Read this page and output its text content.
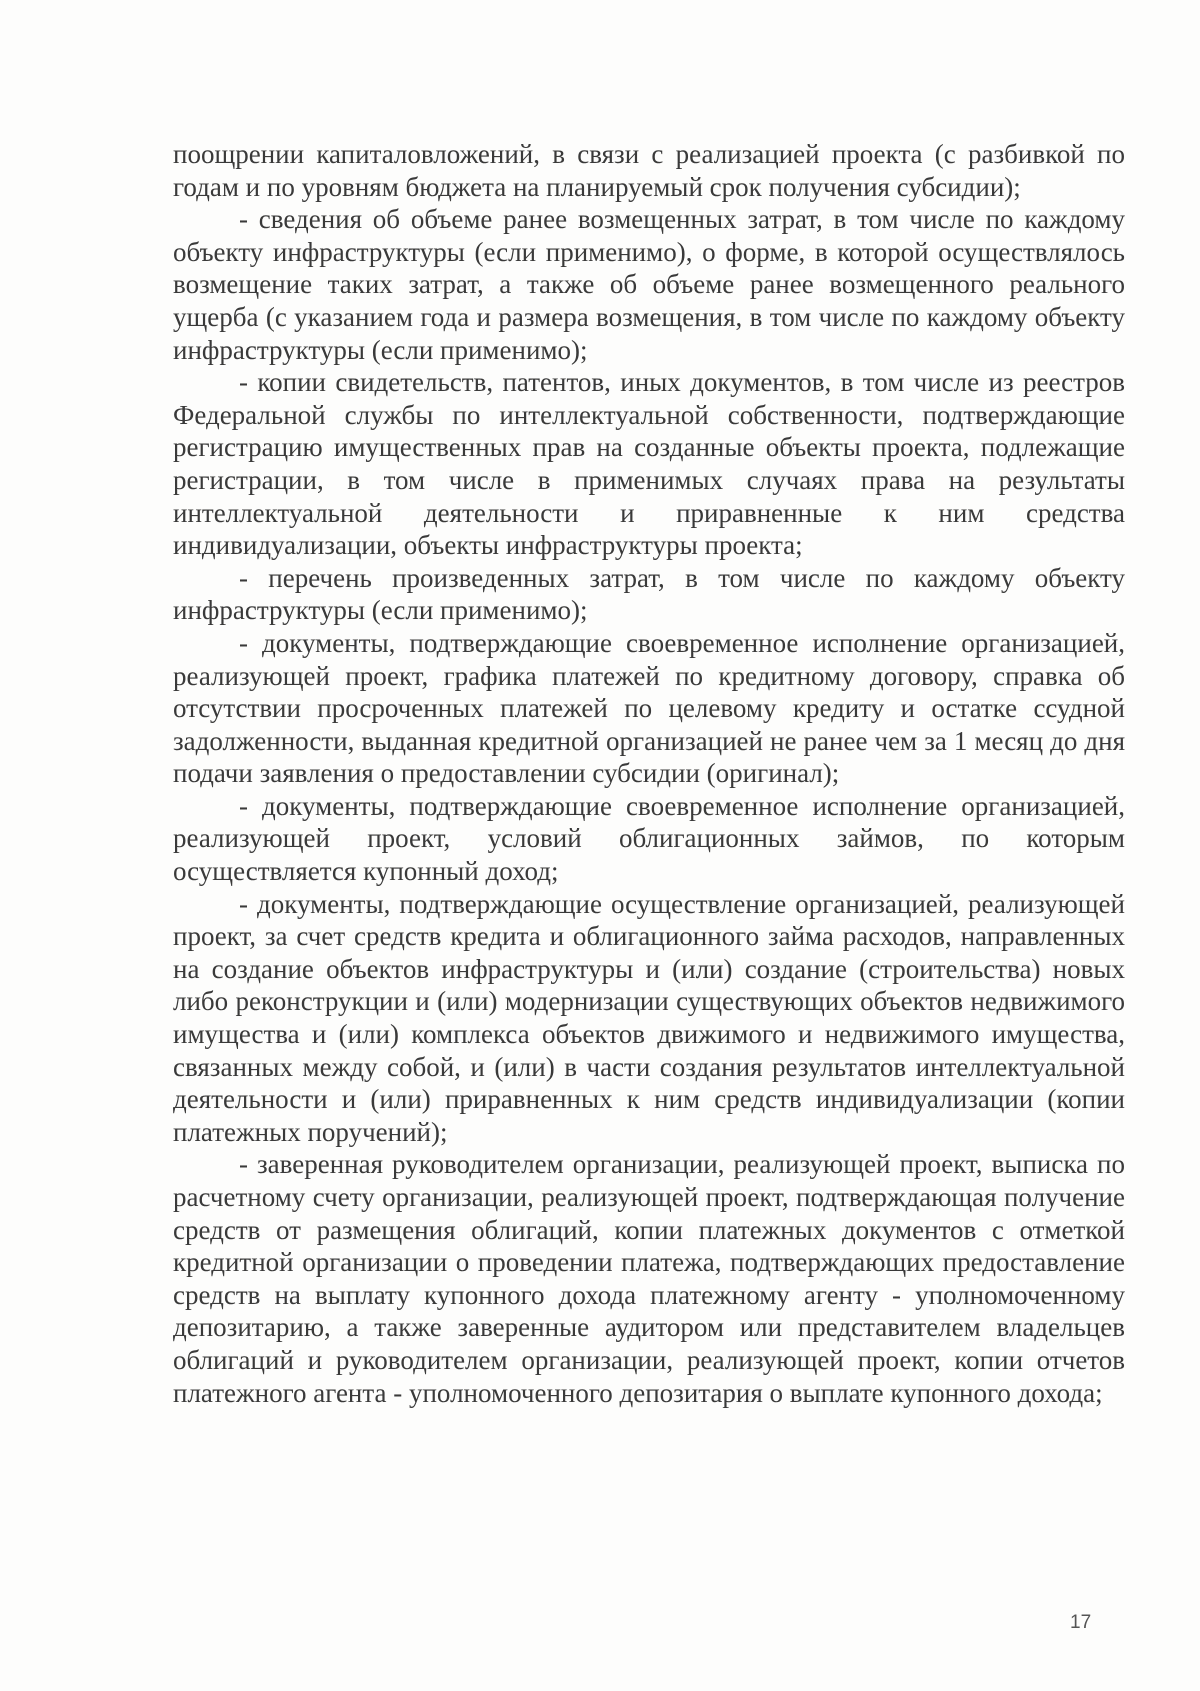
поощрении капиталовложений, в связи с реализацией проекта (с разбивкой по годам и по уровням бюджета на планируемый срок получения субсидии);

- сведения об объеме ранее возмещенных затрат, в том числе по каждому объекту инфраструктуры (если применимо), о форме, в которой осуществлялось возмещение таких затрат, а также об объеме ранее возмещенного реального ущерба (с указанием года и размера возмещения, в том числе по каждому объекту инфраструктуры (если применимо);

- копии свидетельств, патентов, иных документов, в том числе из реестров Федеральной службы по интеллектуальной собственности, подтверждающие регистрацию имущественных прав на созданные объекты проекта, подлежащие регистрации, в том числе в применимых случаях права на результаты интеллектуальной деятельности и приравненные к ним средства индивидуализации, объекты инфраструктуры проекта;

- перечень произведенных затрат, в том числе по каждому объекту инфраструктуры (если применимо);

- документы, подтверждающие своевременное исполнение организацией, реализующей проект, графика платежей по кредитному договору, справка об отсутствии просроченных платежей по целевому кредиту и остатке ссудной задолженности, выданная кредитной организацией не ранее чем за 1 месяц до дня подачи заявления о предоставлении субсидии (оригинал);

- документы, подтверждающие своевременное исполнение организацией, реализующей проект, условий облигационных займов, по которым осуществляется купонный доход;

- документы, подтверждающие осуществление организацией, реализующей проект, за счет средств кредита и облигационного займа расходов, направленных на создание объектов инфраструктуры и (или) создание (строительства) новых либо реконструкции и (или) модернизации существующих объектов недвижимого имущества и (или) комплекса объектов движимого и недвижимого имущества, связанных между собой, и (или) в части создания результатов интеллектуальной деятельности и (или) приравненных к ним средств индивидуализации (копии платежных поручений);

- заверенная руководителем организации, реализующей проект, выписка по расчетному счету организации, реализующей проект, подтверждающая получение средств от размещения облигаций, копии платежных документов с отметкой кредитной организации о проведении платежа, подтверждающих предоставление средств на выплату купонного дохода платежному агенту - уполномоченному депозитарию, а также заверенные аудитором или представителем владельцев облигаций и руководителем организации, реализующей проект, копии отчетов платежного агента - уполномоченного депозитария о выплате купонного дохода;

17
